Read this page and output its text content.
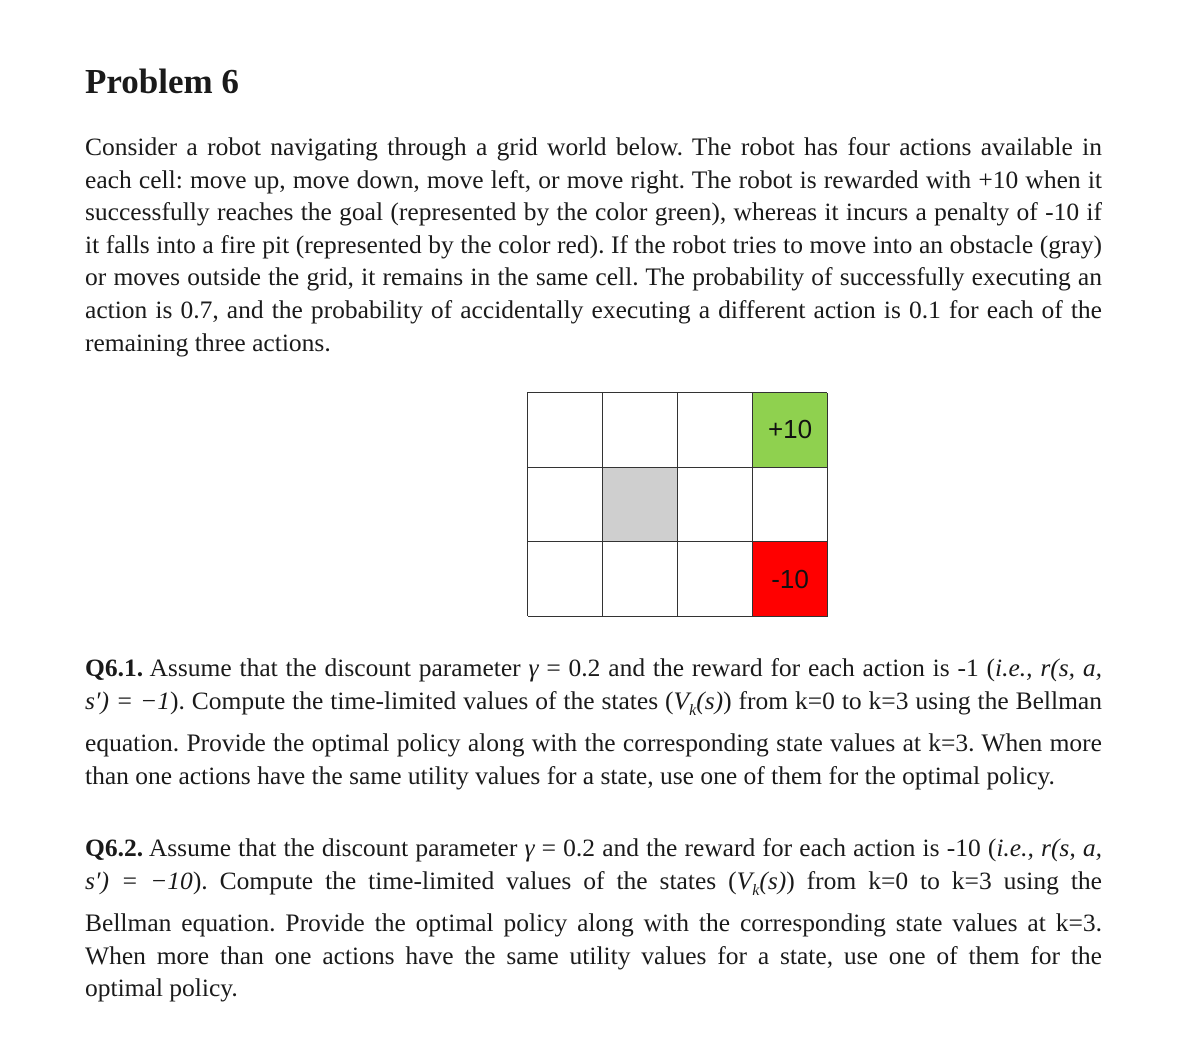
Problem 6

Consider a robot navigating through a grid world below. The robot has four actions available in each cell: move up, move down, move left, or move right. The robot is rewarded with +10 when it successfully reaches the goal (represented by the color green), whereas it incurs a penalty of -10 if it falls into a fire pit (represented by the color red). If the robot tries to move into an obstacle (gray) or moves outside the grid, it remains in the same cell. The probability of successfully executing an action is 0.7, and the probability of accidentally executing a different action is 0.1 for each of the remaining three actions.

+10
-10

Q6.1. Assume that the discount parameter γ = 0.2 and the reward for each action is -1 (i.e., r(s, a, s′) = −1). Compute the time-limited values of the states $(V_k(s))$ from k=0 to k=3 using the Bellman equation. Provide the optimal policy along with the corresponding state values at k=3. When more than one actions have the same utility values for a state, use one of them for the optimal policy.

Q6.2. Assume that the discount parameter γ = 0.2 and the reward for each action is -10 (i.e., r(s, a, s′) = −10). Compute the time-limited values of the states $(V_k(s))$ from k=0 to k=3 using the Bellman equation. Provide the optimal policy along with the corresponding state values at k=3. When more than one actions have the same utility values for a state, use one of them for the optimal policy.
